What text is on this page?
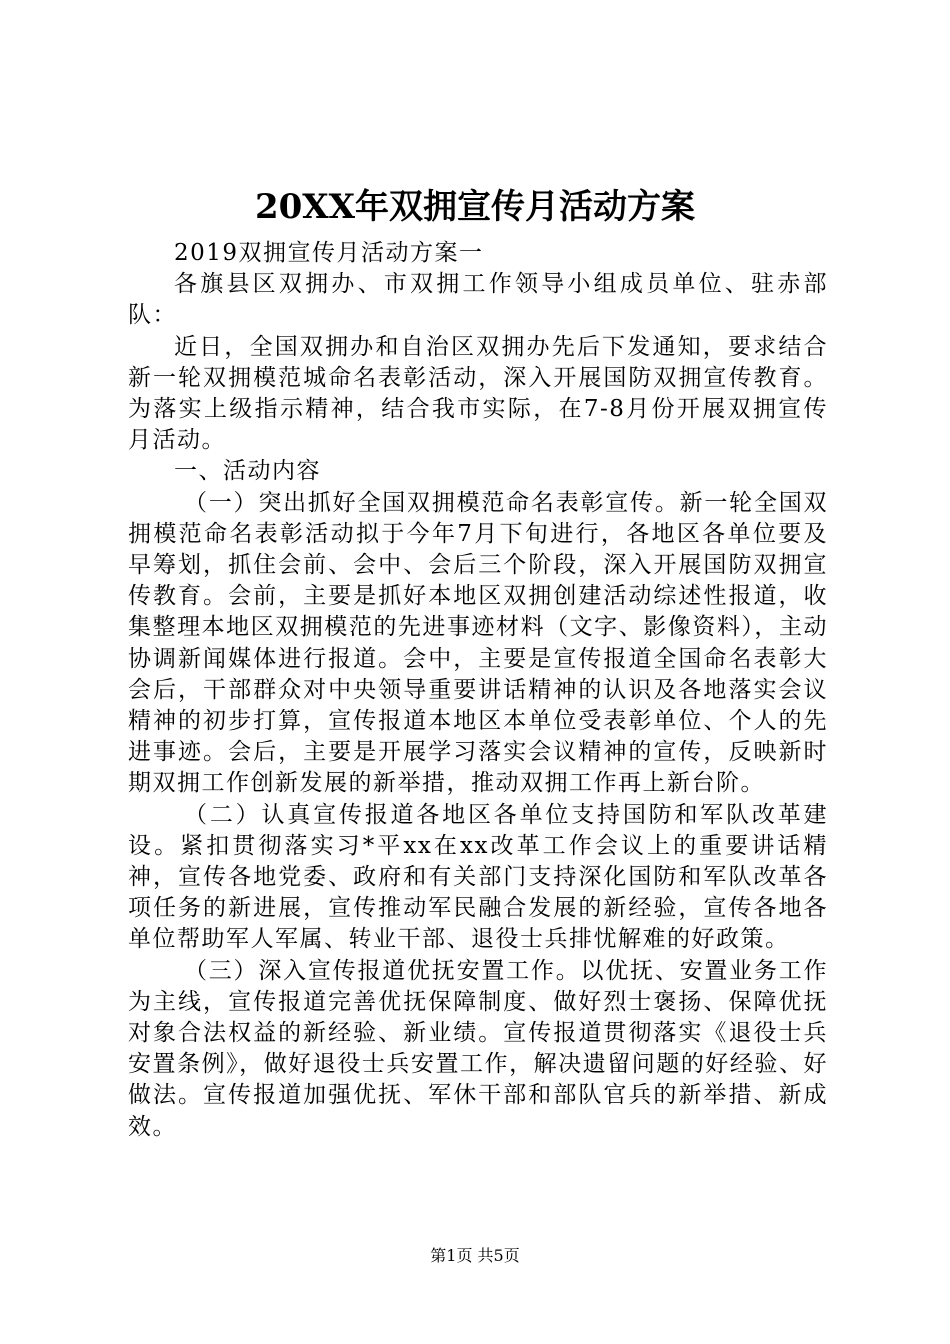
20XX年双拥宣传月活动方案

2019双拥宣传月活动方案一

各旗县区双拥办、市双拥工作领导小组成员单位、驻赤部队：

近日，全国双拥办和自治区双拥办先后下发通知，要求结合新一轮双拥模范城命名表彰活动，深入开展国防双拥宣传教育。为落实上级指示精神，结合我市实际，在7-8月份开展双拥宣传月活动。

一、活动内容

（一）突出抓好全国双拥模范命名表彰宣传。新一轮全国双拥模范命名表彰活动拟于今年7月下旬进行，各地区各单位要及早筹划，抓住会前、会中、会后三个阶段，深入开展国防双拥宣传教育。会前，主要是抓好本地区双拥创建活动综述性报道，收集整理本地区双拥模范的先进事迹材料（文字、影像资料），主动协调新闻媒体进行报道。会中，主要是宣传报道全国命名表彰大会后，干部群众对中央领导重要讲话精神的认识及各地落实会议精神的初步打算，宣传报道本地区本单位受表彰单位、个人的先进事迹。会后，主要是开展学习落实会议精神的宣传，反映新时期双拥工作创新发展的新举措，推动双拥工作再上新台阶。

（二）认真宣传报道各地区各单位支持国防和军队改革建设。紧扣贯彻落实习*平xx在xx改革工作会议上的重要讲话精神，宣传各地党委、政府和有关部门支持深化国防和军队改革各项任务的新进展，宣传推动军民融合发展的新经验，宣传各地各单位帮助军人军属、转业干部、退役士兵排忧解难的好政策。

（三）深入宣传报道优抚安置工作。以优抚、安置业务工作为主线，宣传报道完善优抚保障制度、做好烈士褒扬、保障优抚对象合法权益的新经验、新业绩。宣传报道贯彻落实《退役士兵安置条例》，做好退役士兵安置工作，解决遗留问题的好经验、好做法。宣传报道加强优抚、军休干部和部队官兵的新举措、新成效。

第1页 共5页
